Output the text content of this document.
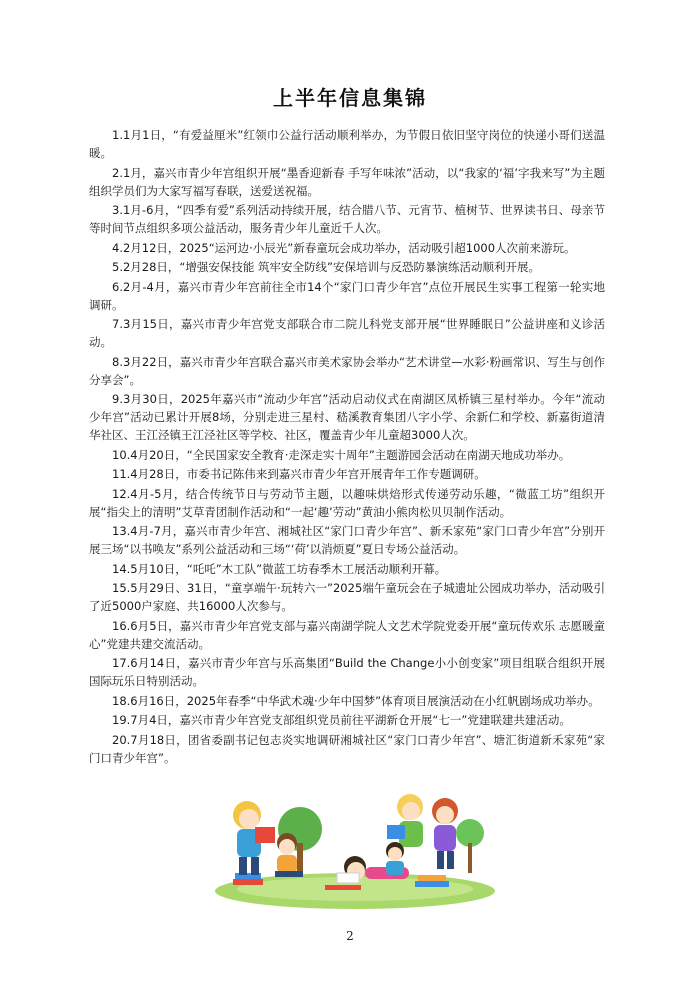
上半年信息集锦

1.1月1日，“有爱益厘米”红领巾公益行活动顺利举办，为节假日依旧坚守岗位的快递小哥们送温暖。

2.1月，嘉兴市青少年宫组织开展“墨香迎新春 手写年味浓”活动，以“我家的‘福’字我来写”为主题组织学员们为大家写福写春联，送爱送祝福。

3.1月-6月，“四季有爱”系列活动持续开展，结合腊八节、元宵节、植树节、世界读书日、母亲节等时间节点组织多项公益活动，服务青少年儿童近千人次。

4.2月12日，2025“运河边·小辰光”新春童玩会成功举办，活动吸引超1000人次前来游玩。

5.2月28日，“增强安保技能 筑牢安全防线”安保培训与反恐防暴演练活动顺利开展。

6.2月-4月，嘉兴市青少年宫前往全市14个“家门口青少年宫”点位开展民生实事工程第一轮实地调研。

7.3月15日，嘉兴市青少年宫党支部联合市二院儿科党支部开展“世界睡眠日”公益讲座和义诊活动。

8.3月22日，嘉兴市青少年宫联合嘉兴市美术家协会举办“艺术讲堂—水彩·粉画常识、写生与创作分享会”。

9.3月30日，2025年嘉兴市“流动少年宫”活动启动仪式在南湖区凤桥镇三星村举办。今年“流动少年宫”活动已累计开展8场，分别走进三星村、嵇溪教育集团八字小学、余新仁和学校、新嘉街道清华社区、王江泾镇王江泾社区等学校、社区，覆盖青少年儿童超3000人次。

10.4月20日，“全民国家安全教育·走深走实十周年”主题游园会活动在南湖天地成功举办。

11.4月28日，市委书记陈伟来到嘉兴市青少年宫开展青年工作专题调研。

12.4月-5月，结合传统节日与劳动节主题，以趣味烘焙形式传递劳动乐趣，“微蓝工坊”组织开展“指尖上的清明”艾草青团制作活动和“一起‘趣’劳动”黄油小熊肉松贝贝制作活动。

13.4月-7月，嘉兴市青少年宫、湘城社区“家门口青少年宫”、新禾家苑“家门口青少年宫”分别开展三场“以书唤友”系列公益活动和三场“‘荷’以消烦夏”夏日专场公益活动。

14.5月10日，“吒吒”木工队”微蓝工坊春季木工展活动顺利开幕。

15.5月29日、31日，“童享端午·玩转六一”2025端午童玩会在子城遗址公园成功举办，活动吸引了近5000户家庭、共16000人次参与。

16.6月5日，嘉兴市青少年宫党支部与嘉兴南湖学院人文艺术学院党委开展“童玩传欢乐 志愿暖童心”党建共建交流活动。

17.6月14日，嘉兴市青少年宫与乐高集团“Build the Change小小创变家”项目组联合组织开展国际玩乐日特别活动。

18.6月16日，2025年春季“中华武术魂·少年中国梦”体育项目展演活动在小红帆剧场成功举办。

19.7月4日，嘉兴市青少年宫党支部组织党员前往平湖新仓开展“七一”党建联建共建活动。

20.7月18日，团省委副书记包志炎实地调研湘城社区“家门口青少年宫”、塘汇街道新禾家苑“家门口青少年宫”。

2
